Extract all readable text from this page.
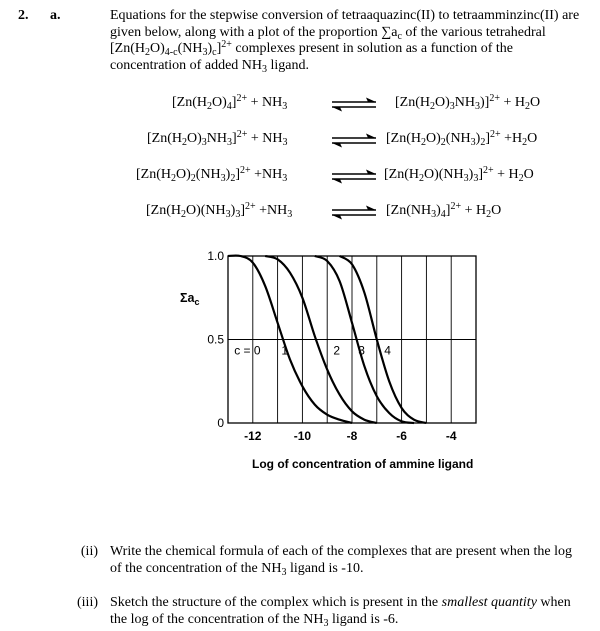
2. a.	Equations for the stepwise conversion of tetraaquazinc(II) to tetraamminzinc(II) are given below, along with a plot of the proportion $\sum a_c$ of the various tetrahedral $[Zn(H_2O)_{4-c}(NH_3)_c]^{2+}$ complexes present in solution as a function of the concentration of added $NH_3$ ligand.
$[Zn(H_2O)_4]^{2+} + NH_3$	⇌ $[Zn(H_2O)_3NH_3)]^{2+} + H_2O$
$[Zn(H_2O)_3NH_3]^{2+} + NH_3$	⇌ $[Zn(H_2O)_2(NH_3)_2]^{2+} +H_2O$
$[Zn(H_2O)_2(NH_3)_2]^{2+} +NH_3$	⇌ $[Zn(H_2O)(NH_3)_3]^{2+} + H_2O$
$[Zn(H_2O)(NH_3)_3]^{2+} +NH_3$	⇌ $[Zn(NH_3)_4]^{2+} + H_2O$
-12	-10	-8	-6	-4
0
0.5
1.0
c = 0 1	2 3 4
$\Sigma a_c$
Log of concentration of ammine ligand
(ii) Write the chemical formula of each of the complexes that are present when the log of the concentration of the $NH_3$ ligand is -10.
(iii) Sketch the structure of the complex which is present in the smallest quantity when the log of the concentration of the $NH_3$ ligand is -6.
